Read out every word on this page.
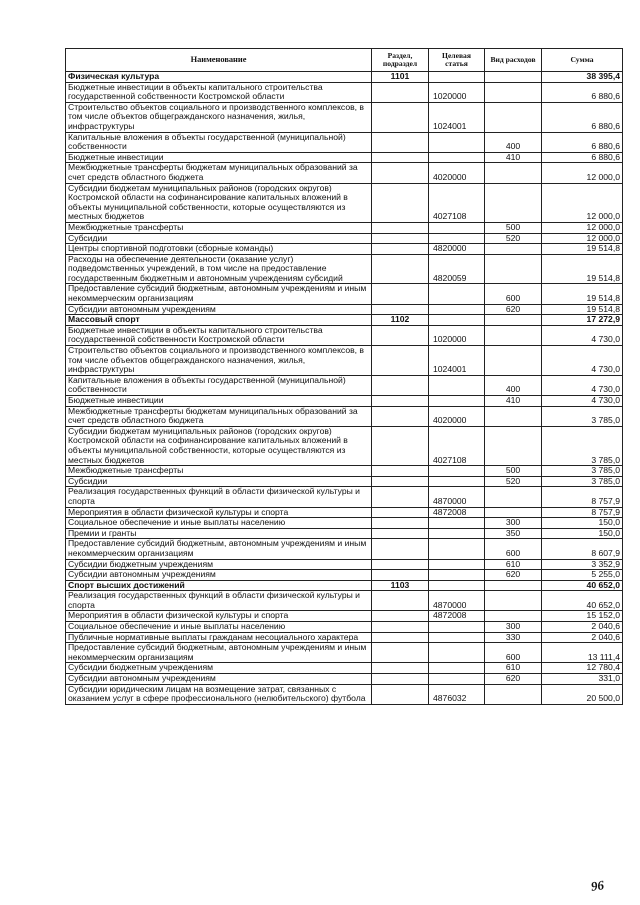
Наименование	Раздел, подраздел	Целевая статья	Вид расходов	Сумма
Физическая культура	1101			38 395,4
Бюджетные инвестиции в объекты капитального строительства государственной собственности Костромской области		1020000		6 880,6
Строительство объектов социального и производственного комплексов, в том числе объектов общегражданского назначения, жилья, инфраструктуры		1024001		6 880,6
Капитальные вложения в объекты государственной (муниципальной) собственности			400	6 880,6
Бюджетные инвестиции			410	6 880,6
Межбюджетные трансферты бюджетам муниципальных образований за счет средств областного бюджета		4020000		12 000,0
Субсидии бюджетам муниципальных районов (городских округов) Костромской области на софинансирование капитальных вложений в объекты муниципальной собственности, которые осуществляются из местных бюджетов		4027108		12 000,0
Межбюджетные трансферты			500	12 000,0
Субсидии			520	12 000,0
Центры спортивной подготовки (сборные команды)		4820000		19 514,8
Расходы на обеспечение деятельности (оказание услуг) подведомственных учреждений, в том числе на предоставление государственным бюджетным и автономным учреждениям субсидий		4820059		19 514,8
Предоставление субсидий бюджетным, автономным учреждениям и иным некоммерческим организациям			600	19 514,8
Субсидии автономным учреждениям			620	19 514,8
Массовый спорт	1102			17 272,9
Бюджетные инвестиции в объекты капитального строительства государственной собственности Костромской области		1020000		4 730,0
Строительство объектов социального и производственного комплексов, в том числе объектов общегражданского назначения, жилья, инфраструктуры		1024001		4 730,0
Капитальные вложения в объекты государственной (муниципальной) собственности			400	4 730,0
Бюджетные инвестиции			410	4 730,0
Межбюджетные трансферты бюджетам муниципальных образований за счет средств областного бюджета		4020000		3 785,0
Субсидии бюджетам муниципальных районов (городских округов) Костромской области на софинансирование капитальных вложений в объекты муниципальной собственности, которые осуществляются из местных бюджетов		4027108		3 785,0
Межбюджетные трансферты			500	3 785,0
Субсидии			520	3 785,0
Реализация государственных функций в области физической культуры и спорта		4870000		8 757,9
Мероприятия в области физической культуры и спорта		4872008		8 757,9
Социальное обеспечение и иные выплаты населению			300	150,0
Премии и гранты			350	150,0
Предоставление субсидий бюджетным, автономным учреждениям и иным некоммерческим организациям			600	8 607,9
Субсидии бюджетным учреждениям			610	3 352,9
Субсидии автономным учреждениям			620	5 255,0
Спорт высших достижений	1103			40 652,0
Реализация государственных функций в области физической культуры и спорта		4870000		40 652,0
Мероприятия в области физической культуры и спорта		4872008		15 152,0
Социальное обеспечение и иные выплаты населению			300	2 040,6
Публичные нормативные выплаты гражданам несоциального характера			330	2 040,6
Предоставление субсидий бюджетным, автономным учреждениям и иным некоммерческим организациям			600	13 111,4
Субсидии бюджетным учреждениям			610	12 780,4
Субсидии автономным учреждениям			620	331,0
Субсидии юридическим лицам на возмещение затрат, связанных с оказанием услуг в сфере профессионального (нелюбительского) футбола		4876032		20 500,0
96
